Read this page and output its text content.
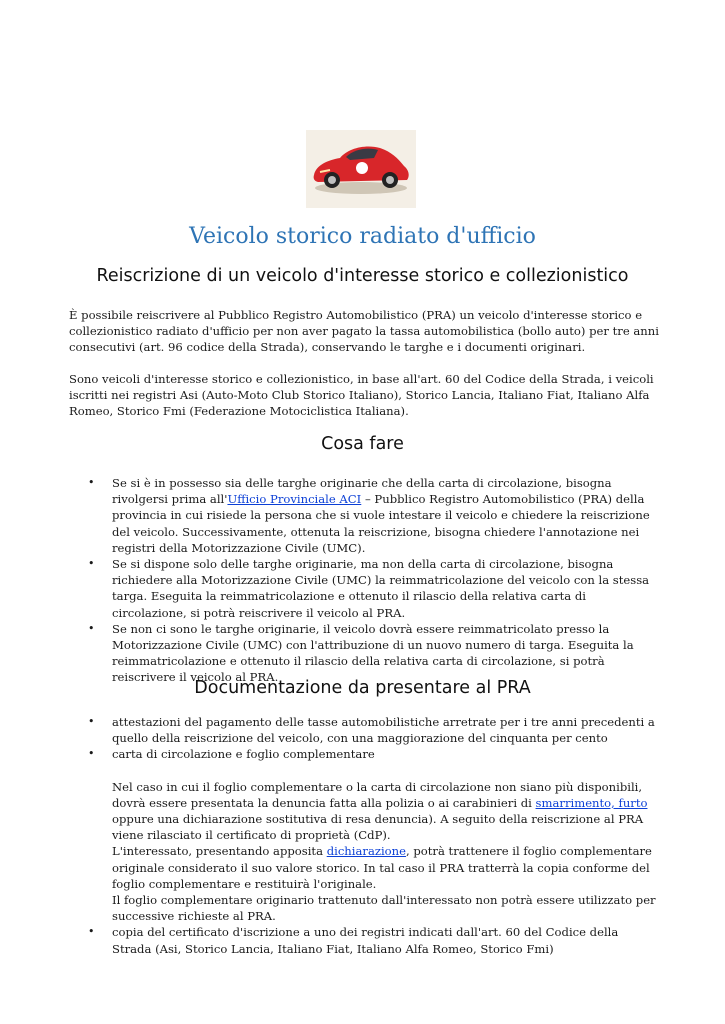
Veicolo storico radiato d'ufficio
Reiscrizione di un veicolo d'interesse storico e collezionistico

È possibile reiscrivere al Pubblico Registro Automobilistico (PRA) un veicolo d'interesse storico e collezionistico radiato d'ufficio per non aver pagato la tassa automobilistica (bollo auto) per tre anni consecutivi (art. 96 codice della Strada), conservando le targhe e i documenti originari.

Sono veicoli d'interesse storico e collezionistico, in base all'art. 60 del Codice della Strada, i veicoli iscritti nei registri Asi (Auto-Moto Club Storico Italiano), Storico Lancia, Italiano Fiat, Italiano Alfa Romeo, Storico Fmi (Federazione Motociclistica Italiana).

Cosa fare
• Se si è in possesso sia delle targhe originarie che della carta di circolazione, bisogna rivolgersi prima all'Ufficio Provinciale ACI – Pubblico Registro Automobilistico (PRA) della provincia in cui risiede la persona che si vuole intestare il veicolo e chiedere la reiscrizione del veicolo. Successivamente, ottenuta la reiscrizione, bisogna chiedere l'annotazione nei registri della Motorizzazione Civile (UMC).
• Se si dispone solo delle targhe originarie, ma non della carta di circolazione, bisogna richiedere alla Motorizzazione Civile (UMC) la reimmatricolazione del veicolo con la stessa targa. Eseguita la reimmatricolazione e ottenuto il rilascio della relativa carta di circolazione, si potrà reiscrivere il veicolo al PRA.
• Se non ci sono le targhe originarie, il veicolo dovrà essere reimmatricolato presso la Motorizzazione Civile (UMC) con l'attribuzione di un nuovo numero di targa. Eseguita la reimmatricolazione e ottenuto il rilascio della relativa carta di circolazione, si potrà reiscrivere il veicolo al PRA.
Documentazione da presentare al PRA
• attestazioni del pagamento delle tasse automobilistiche arretrate per i tre anni precedenti a quello della reiscrizione del veicolo, con una maggiorazione del cinquanta per cento
• carta di circolazione e foglio complementare
Nel caso in cui il foglio complementare o la carta di circolazione non siano più disponibili, dovrà essere presentata la denuncia fatta alla polizia o ai carabinieri di smarrimento, furto oppure una dichiarazione sostitutiva di resa denuncia). A seguito della reiscrizione al PRA viene rilasciato il certificato di proprietà (CdP).
L'interessato, presentando apposita dichiarazione, potrà trattenere il foglio complementare originale considerato il suo valore storico. In tal caso il PRA tratterrà la copia conforme del foglio complementare e restituirà l'originale.
Il foglio complementare originario trattenuto dall'interessato non potrà essere utilizzato per successive richieste al PRA.
• copia del certificato d'iscrizione a uno dei registri indicati dall'art. 60 del Codice della Strada (Asi, Storico Lancia, Italiano Fiat, Italiano Alfa Romeo, Storico Fmi)
